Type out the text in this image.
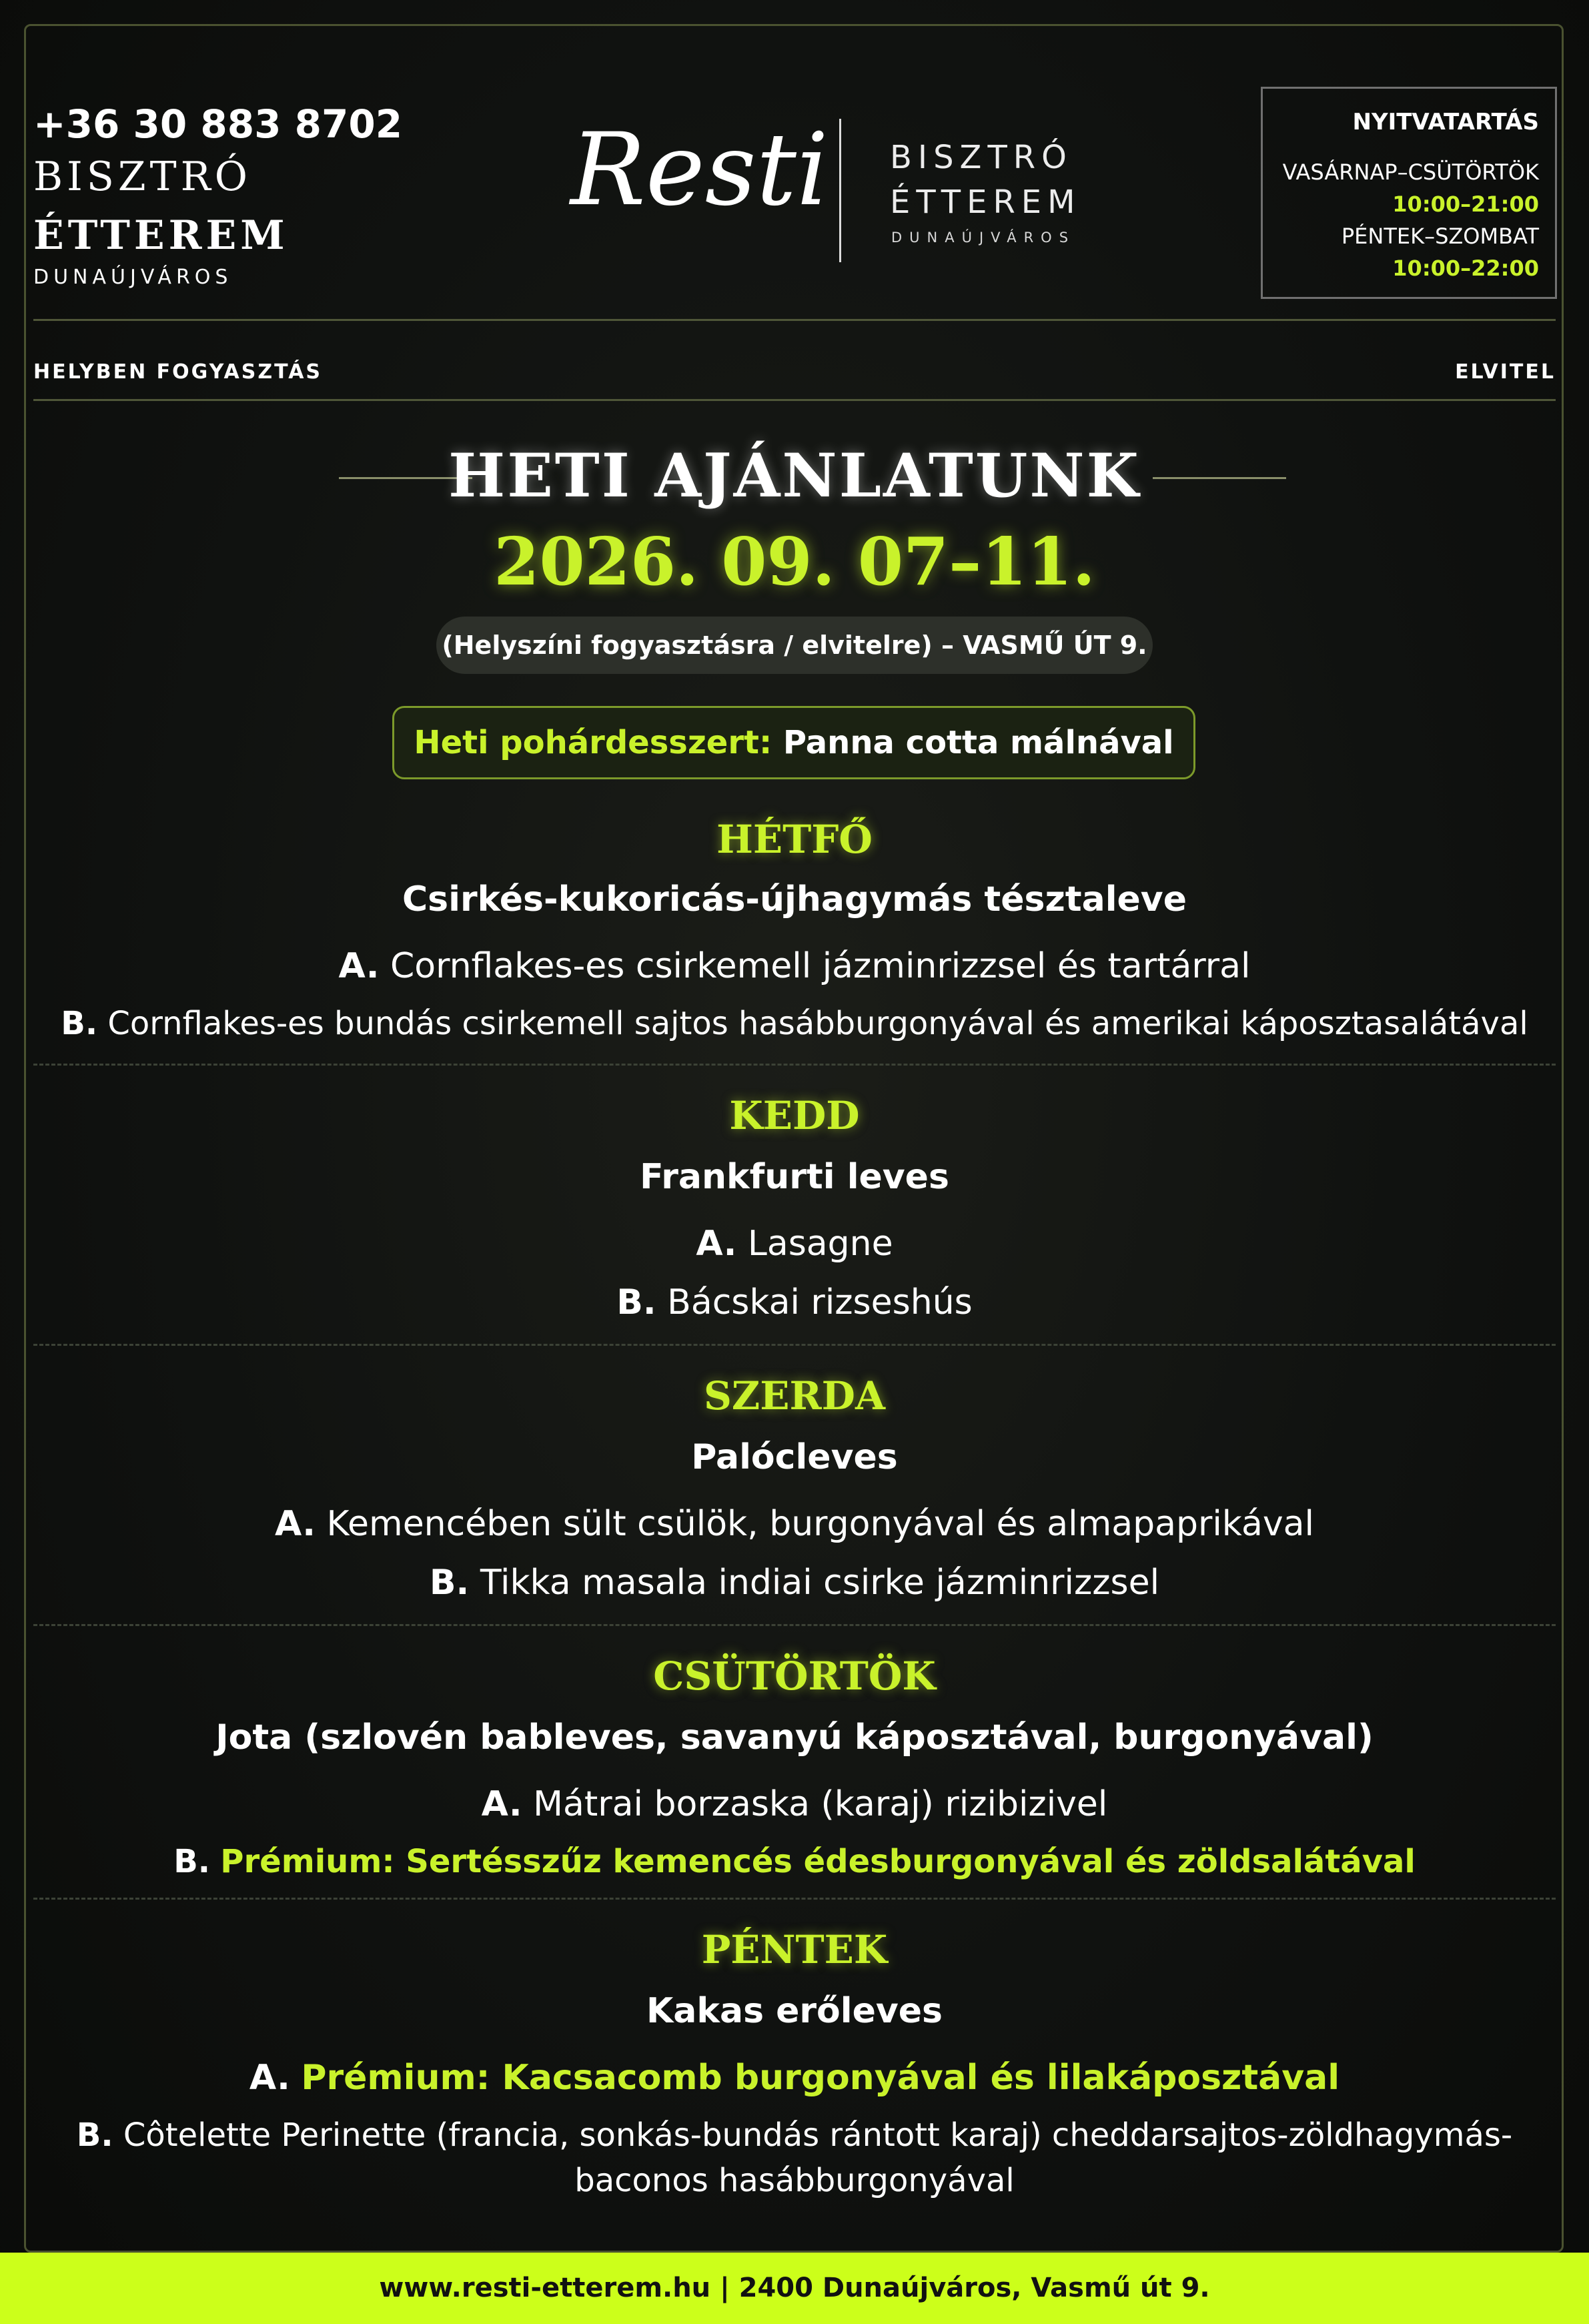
+36 30 883 8702
BISZTRÓ
ÉTTEREM
DUNAÚJVÁROS
Resti BISZTRÓ
ÉTTEREM
DUNAÚJVÁROS
NYITVATARTÁS
VASÁRNAP–CSÜTÖRTÖK
10:00–21:00
PÉNTEK–SZOMBAT
10:00–22:00
HELYBEN FOGYASZTÁS	ELVITEL
HETI AJÁNLATUNK
2026. 09. 07–11.
(Helyszíni fogyasztásra / elvitelre) – VASMŰ ÚT 9.
Heti pohárdesszert: Panna cotta málnával
HÉTFŐ
Csirkés-kukoricás-újhagymás tésztaleve
A. Cornflakes-es csirkemell jázminrizzsel és tartárral
B. Cornflakes-es bundás csirkemell sajtos hasábburgonyával és amerikai káposztasalátával
KEDD
Frankfurti leves
A. Lasagne
B. Bácskai rizseshús
SZERDA
Palócleves
A. Kemencében sült csülök, burgonyával és almapaprikával
B. Tikka masala indiai csirke jázminrizzsel
CSÜTÖRTÖK
Jota (szlovén bableves, savanyú káposztával, burgonyával)
A. Mátrai borzaska (karaj) rizibizivel
B. Prémium: Sertésszűz kemencés édesburgonyával és zöldsalátával
PÉNTEK
Kakas erőleves
A. Prémium: Kacsacomb burgonyával és lilakáposztával
B. Côtelette Perinette (francia, sonkás-bundás rántott karaj) cheddarsajtos-zöldhagymás-
baconos hasábburgonyával
www.resti-etterem.hu | 2400 Dunaújváros, Vasmű út 9.
